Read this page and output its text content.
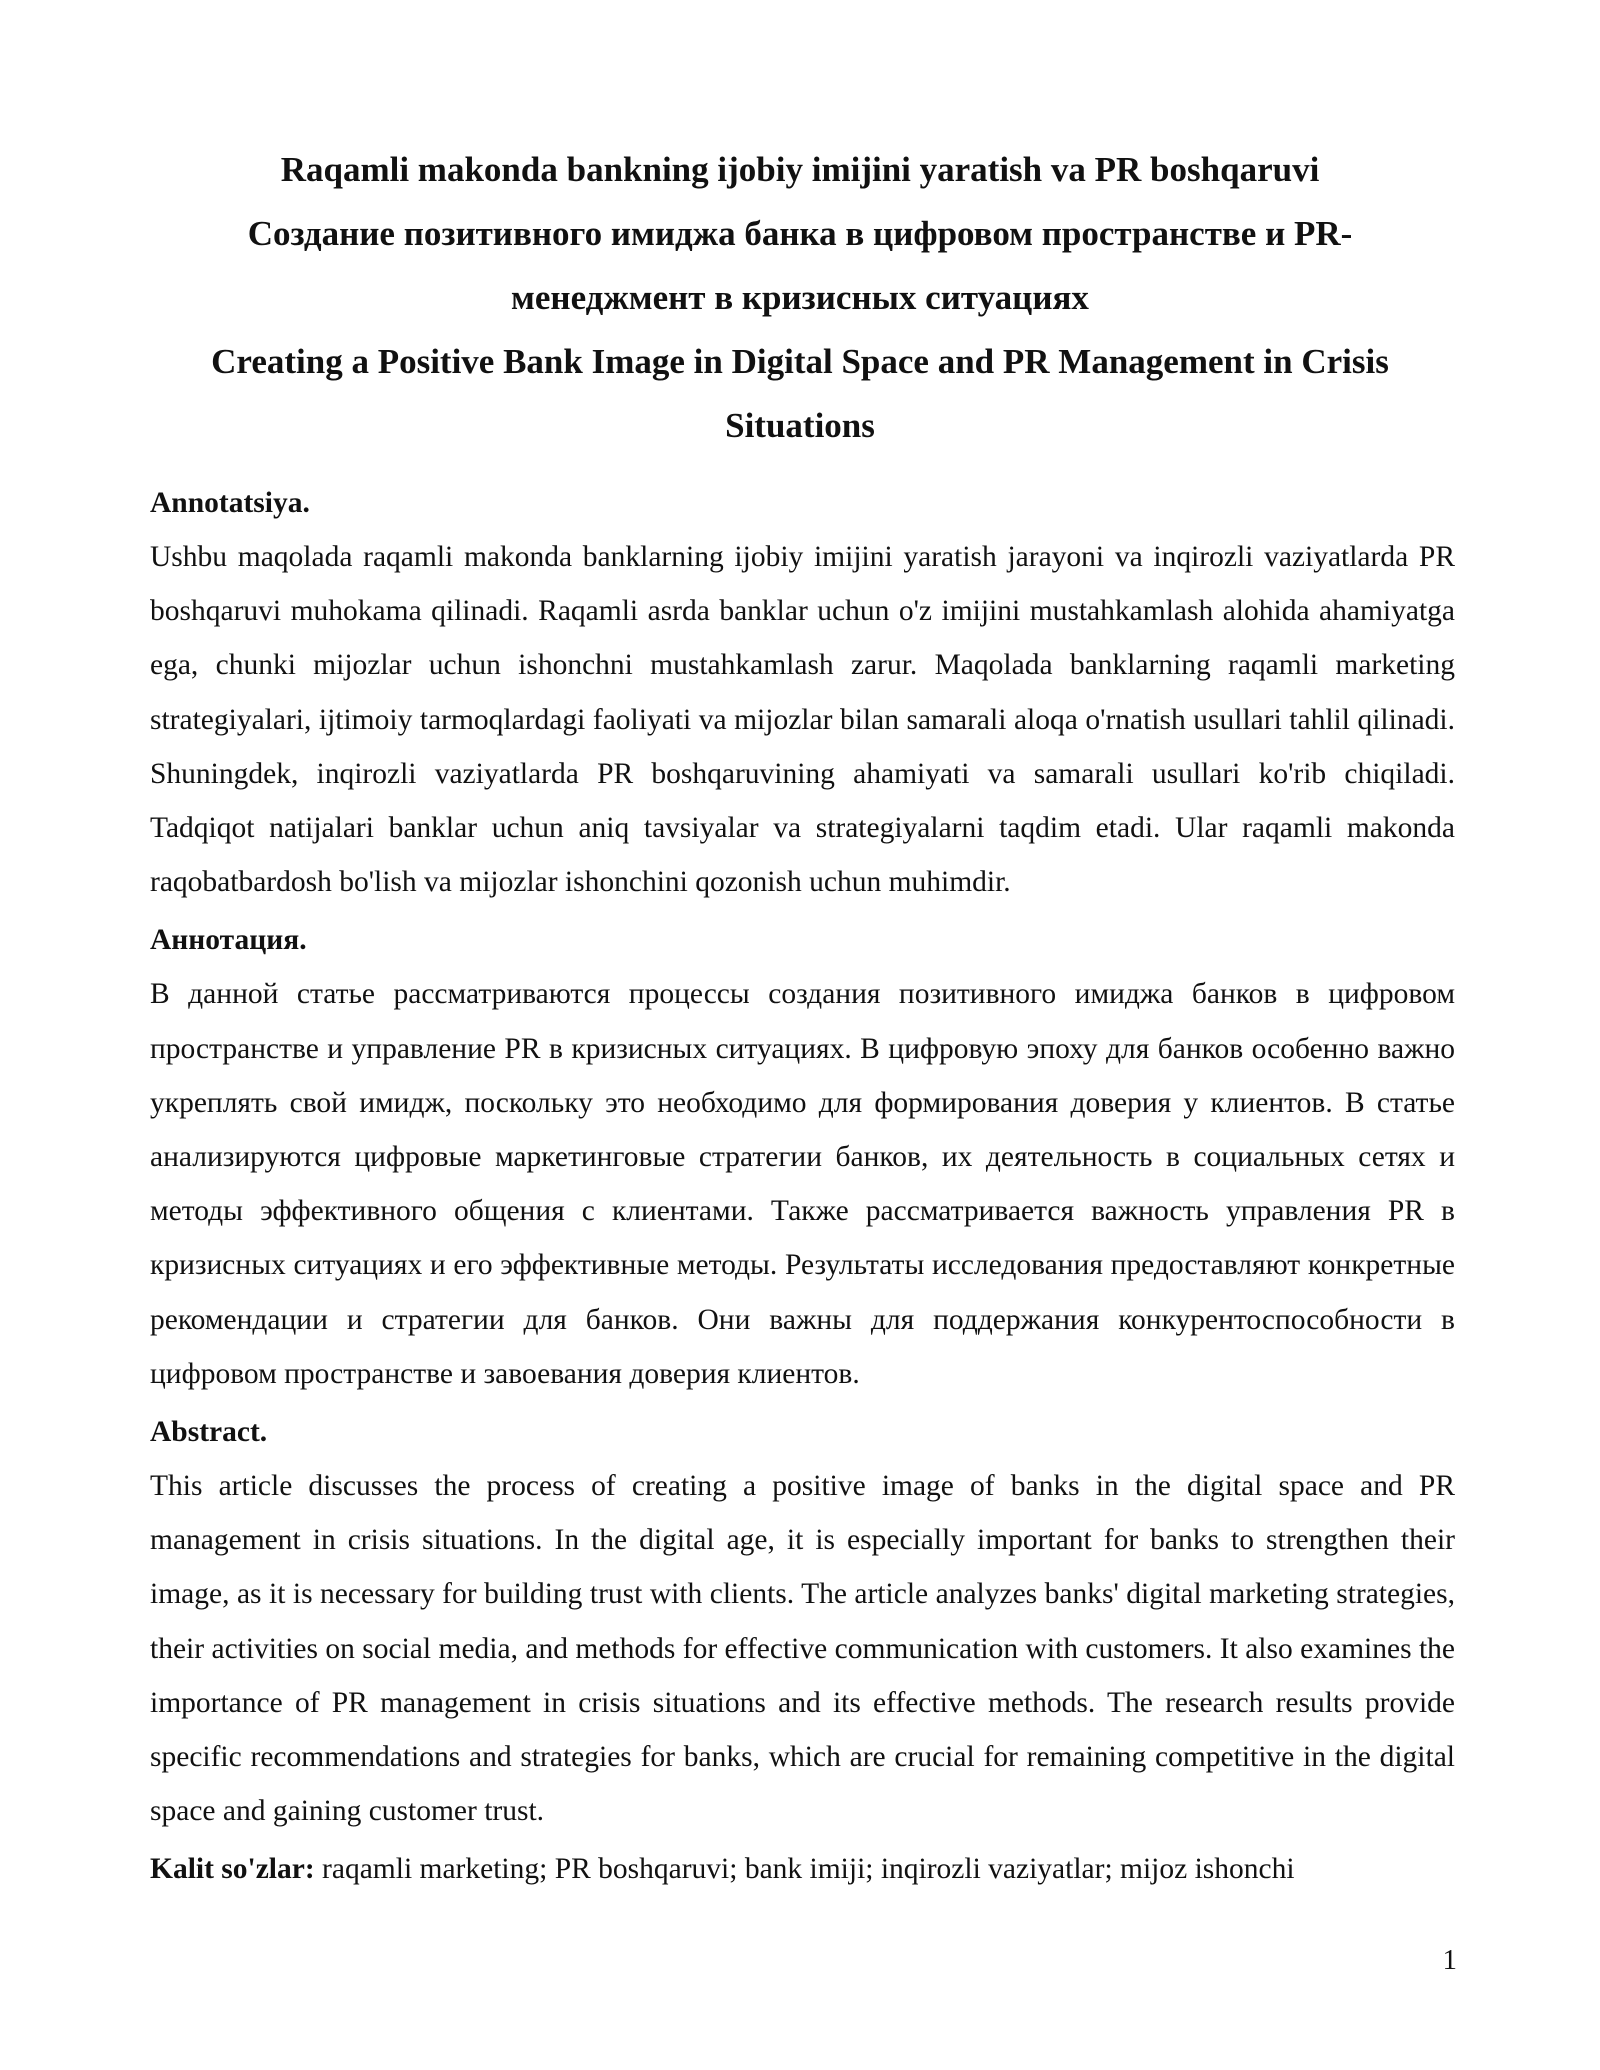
Raqamli makonda bankning ijobiy imijini yaratish va PR boshqaruvi
Создание позитивного имиджа банка в цифровом пространстве и PR-
менеджмент в кризисных ситуациях
Creating a Positive Bank Image in Digital Space and PR Management in Crisis
Situations

Annotatsiya.

Ushbu maqolada raqamli makonda banklarning ijobiy imijini yaratish jarayoni va inqirozli vaziyatlarda PR boshqaruvi muhokama qilinadi. Raqamli asrda banklar uchun o'z imijini mustahkamlash alohida ahamiyatga ega, chunki mijozlar uchun ishonchni mustahkamlash zarur. Maqolada banklarning raqamli marketing strategiyalari, ijtimoiy tarmoqlardagi faoliyati va mijozlar bilan samarali aloqa o'rnatish usullari tahlil qilinadi. Shuningdek, inqirozli vaziyatlarda PR boshqaruvining ahamiyati va samarali usullari ko'rib chiqiladi. Tadqiqot natijalari banklar uchun aniq tavsiyalar va strategiyalarni taqdim etadi. Ular raqamli makonda raqobatbardosh bo'lish va mijozlar ishonchini qozonish uchun muhimdir.

Аннотация.

В данной статье рассматриваются процессы создания позитивного имиджа банков в цифровом пространстве и управление PR в кризисных ситуациях. В цифровую эпоху для банков особенно важно укреплять свой имидж, поскольку это необходимо для формирования доверия у клиентов. В статье анализируются цифровые маркетинговые стратегии банков, их деятельность в социальных сетях и методы эффективного общения с клиентами. Также рассматривается важность управления PR в кризисных ситуациях и его эффективные методы. Результаты исследования предоставляют конкретные рекомендации и стратегии для банков. Они важны для поддержания конкурентоспособности в цифровом пространстве и завоевания доверия клиентов.

Abstract.

This article discusses the process of creating a positive image of banks in the digital space and PR management in crisis situations. In the digital age, it is especially important for banks to strengthen their image, as it is necessary for building trust with clients. The article analyzes banks' digital marketing strategies, their activities on social media, and methods for effective communication with customers. It also examines the importance of PR management in crisis situations and its effective methods. The research results provide specific recommendations and strategies for banks, which are crucial for remaining competitive in the digital space and gaining customer trust.

Kalit so'zlar: raqamli marketing; PR boshqaruvi; bank imiji; inqirozli vaziyatlar; mijoz ishonchi

1
